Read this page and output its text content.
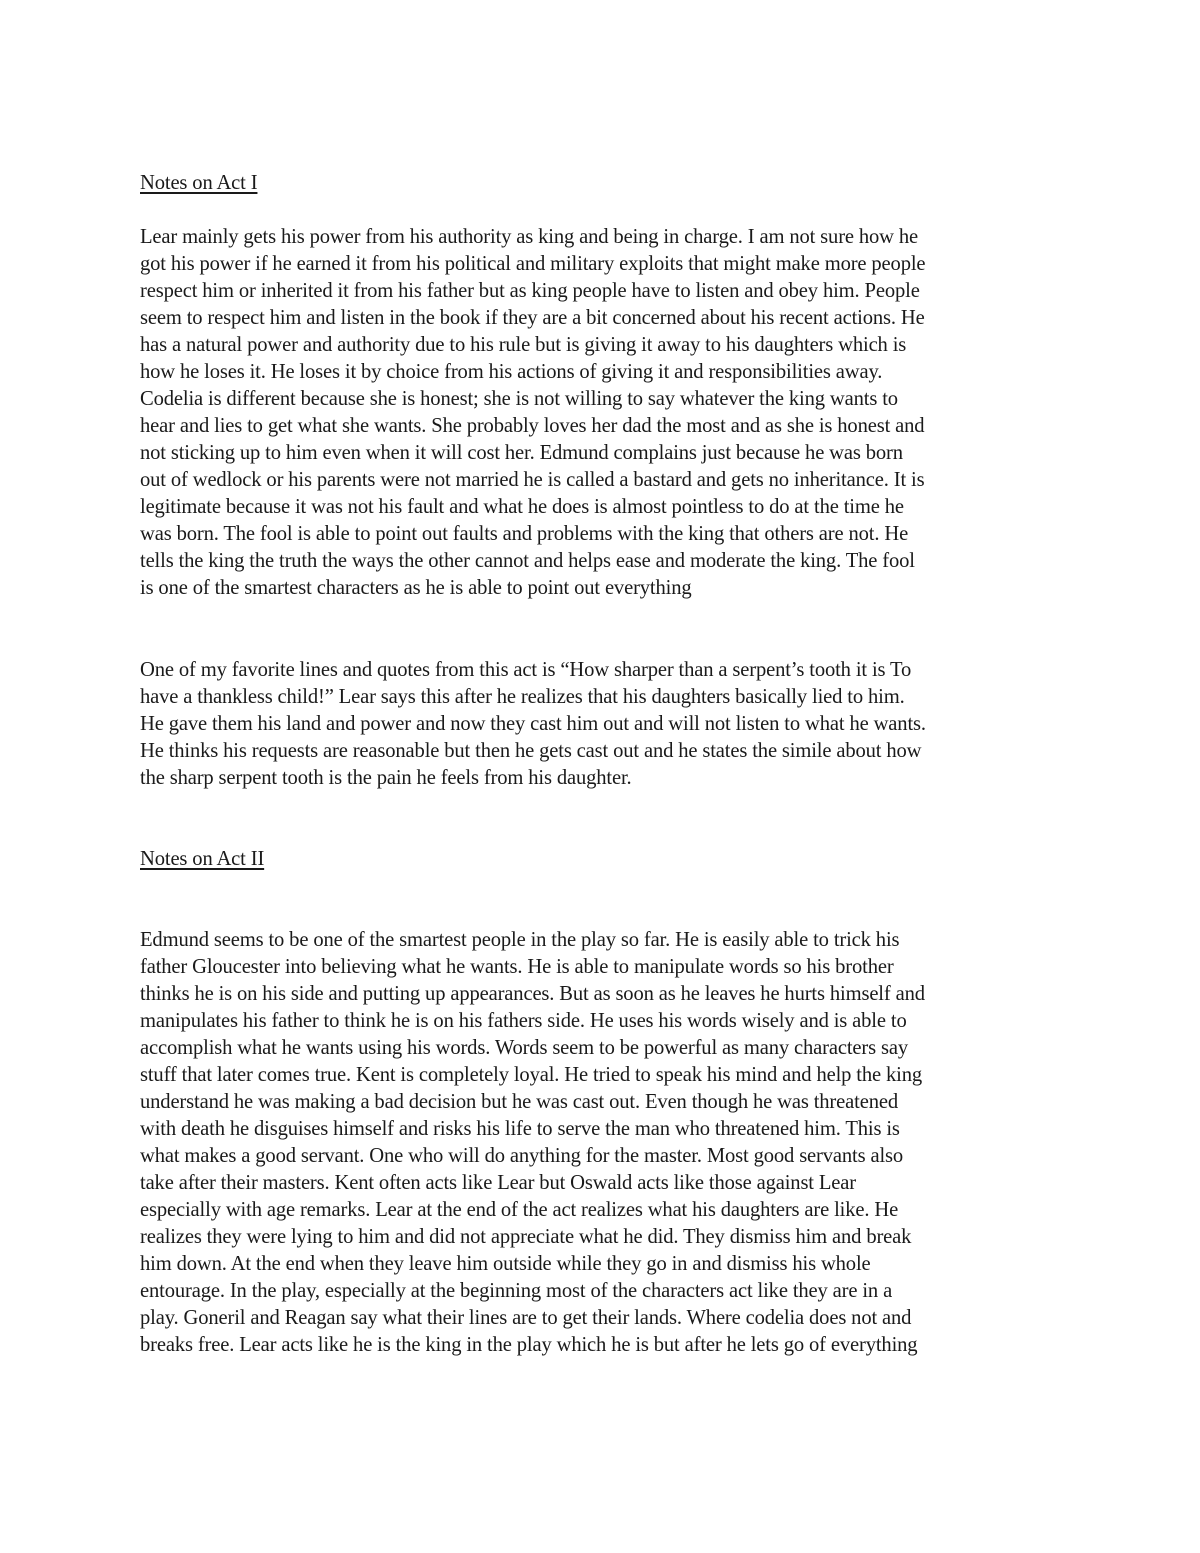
Notes on Act I
Lear mainly gets his power from his authority as king and being in charge. I am not sure how he
got his power if he earned it from his political and military exploits that might make more people
respect him or inherited it from his father but as king people have to listen and obey him. People
seem to respect him and listen in the book if they are a bit concerned about his recent actions. He
has a natural power and authority due to his rule but is giving it away to his daughters which is
how he loses it. He loses it by choice from his actions of giving it and responsibilities away.
Codelia is different because she is honest; she is not willing to say whatever the king wants to
hear and lies to get what she wants. She probably loves her dad the most and as she is honest and
not sticking up to him even when it will cost her. Edmund complains just because he was born
out of wedlock or his parents were not married he is called a bastard and gets no inheritance. It is
legitimate because it was not his fault and what he does is almost pointless to do at the time he
was born. The fool is able to point out faults and problems with the king that others are not. He
tells the king the truth the ways the other cannot and helps ease and moderate the king. The fool
is one of the smartest characters as he is able to point out everything
One of my favorite lines and quotes from this act is “How sharper than a serpent’s tooth it is To
have a thankless child!” Lear says this after he realizes that his daughters basically lied to him.
He gave them his land and power and now they cast him out and will not listen to what he wants.
He thinks his requests are reasonable but then he gets cast out and he states the simile about how
the sharp serpent tooth is the pain he feels from his daughter.
Notes on Act II
Edmund seems to be one of the smartest people in the play so far. He is easily able to trick his
father Gloucester into believing what he wants. He is able to manipulate words so his brother
thinks he is on his side and putting up appearances. But as soon as he leaves he hurts himself and
manipulates his father to think he is on his fathers side. He uses his words wisely and is able to
accomplish what he wants using his words. Words seem to be powerful as many characters say
stuff that later comes true. Kent is completely loyal. He tried to speak his mind and help the king
understand he was making a bad decision but he was cast out. Even though he was threatened
with death he disguises himself and risks his life to serve the man who threatened him. This is
what makes a good servant. One who will do anything for the master. Most good servants also
take after their masters. Kent often acts like Lear but Oswald acts like those against Lear
especially with age remarks. Lear at the end of the act realizes what his daughters are like. He
realizes they were lying to him and did not appreciate what he did. They dismiss him and break
him down. At the end when they leave him outside while they go in and dismiss his whole
entourage. In the play, especially at the beginning most of the characters act like they are in a
play. Goneril and Reagan say what their lines are to get their lands. Where codelia does not and
breaks free. Lear acts like he is the king in the play which he is but after he lets go of everything
